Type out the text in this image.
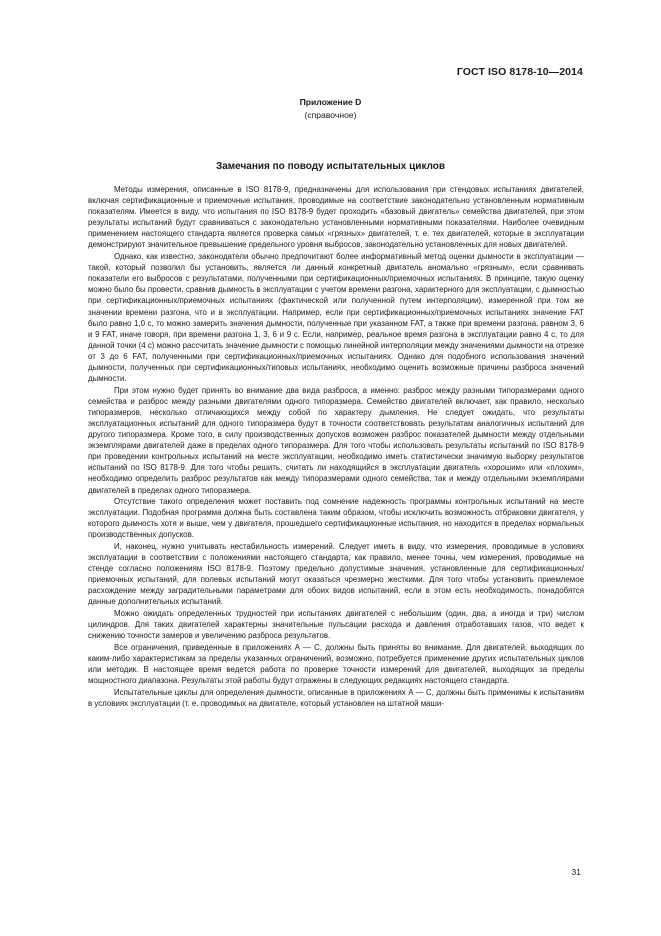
ГОСТ ISO 8178-10—2014
Приложение D
(справочное)
Замечания по поводу испытательных циклов

Методы измерения, описанные в ISO 8178-9, предназначены для использования при стендовых испытаниях двигателей, включая сертификационные и приемочные испытания, проводимые на соответствие законодательно установленным нормативным показателям. Имеется в виду, что испытания по ISO 8178-9 будет проходить «базовый двигатель» семейства двигателей, при этом результаты испытаний будут сравниваться с законодательно установленными нормативными показателями. Наиболее очевидным применением настоящего стандарта является проверка самых «грязных» двигателей, т. е. тех двигателей, которые в эксплуатации демонстрируют значительное превышение предельного уровня выбросов, законодательно установленных для новых двигателей.

Однако, как известно, законодатели обычно предпочитают более информативный метод оценки дымности в эксплуатации — такой, который позволил бы установить, является ли данный конкретный двигатель аномально «грязным», если сравнивать показатели его выбросов с результатами, полученными при сертификационных/приемочных испытаниях. В принципе, такую оценку можно было бы провести, сравнив дымность в эксплуатации с учетом времени разгона, характерного для эксплуатации, с дымностью при сертификационных/приемочных испытаниях (фактической или полученной путем интерполяции), измеренной при том же значении времени разгона, что и в эксплуатации. Например, если при сертификационных/приемочных испытаниях значение FAT было равно 1,0 с, то можно замерить значения дымности, полученные при указанном FAT, а также при времени разгона, равном 3, 6 и 9 FAT, иначе говоря, при времени разгона 1, 3, 6 и 9 с. Если, например, реальное время разгона в эксплуатации равно 4 с, то для данной точки (4 с) можно рассчитать значение дымности с помощью линейной интерполяции между значениями дымности на отрезке от 3 до 6 FAT, полученными при сертификационных/приемочных испытаниях. Однако для подобного использования значений дымности, полученных при сертификационных/типовых испытаниях, необходимо оценить возможные причины разброса значений дымности.

При этом нужно будет принять во внимание два вида разброса, а именно: разброс между разными типоразмерами одного семейства и разброс между разными двигателями одного типоразмера. Семейство двигателей включает, как правило, несколько типоразмеров, несколько отличающихся между собой по характеру дымления. Не следует ожидать, что результаты эксплуатационных испытаний для одного типоразмера будут в точности соответствовать результатам аналогичных испытаний для другого типоразмера. Кроме того, в силу производственных допусков возможен разброс показателей дымности между отдельными экземплярами двигателей даже в пределах одного типоразмера. Для того чтобы использовать результаты испытаний по ISO 8178-9 при проведении контрольных испытаний на месте эксплуатации, необходимо иметь статистически значимую выборку результатов испытаний по ISO 8178-9. Для того чтобы решить, считать ли находящийся в эксплуатации двигатель «хорошим» или «плохим», необходимо определить разброс результатов как между типоразмерами одного семейства, так и между отдельными экземплярами двигателей в пределах одного типоразмера.

Отсутствие такого определения может поставить под сомнение надежность программы контрольных испытаний на месте эксплуатации. Подобная программа должна быть составлена таким образом, чтобы исключить возможность отбраковки двигателя, у которого дымность хотя и выше, чем у двигателя, прошедшего сертификационные испытания, но находится в пределах нормальных производственных допусков.

И, наконец, нужно учитывать нестабильность измерений. Следует иметь в виду, что измерения, проводимые в условиях эксплуатации в соответствии с положениями настоящего стандарта, как правило, менее точны, чем измерения, проводимые на стенде согласно положениям ISO 8178-9. Поэтому предельно допустимые значения, установленные для сертификационных/приемочных испытаний, для полевых испытаний могут оказаться чрезмерно жесткими. Для того чтобы установить приемлемое расхождение между заградительными параметрами для обоих видов испытаний, если в этом есть необходимость, понадобятся данные дополнительных испытаний.

Можно ожидать определенных трудностей при испытаниях двигателей с небольшим (один, два, а иногда и три) числом цилиндров. Для таких двигателей характерны значительные пульсации расхода и давления отработавших газов, что ведет к снижению точности замеров и увеличению разброса результатов.

Все ограничения, приведенные в приложениях A — C, должны быть приняты во внимание. Для двигателей, выходящих по каким-либо характеристикам за пределы указанных ограничений, возможно, потребуется применение других испытательных циклов или методик. В настоящее время ведется работа по проверке точности измерений для двигателей, выходящих за пределы мощностного диапазона. Результаты этой работы будут отражены в следующих редакциях настоящего стандарта.

Испытательные циклы для определения дымности, описанные в приложениях A — C, должны быть применимы к испытаниям в условиях эксплуатации (т. е. проводимых на двигателе, который установлен на штатной маши-

31
